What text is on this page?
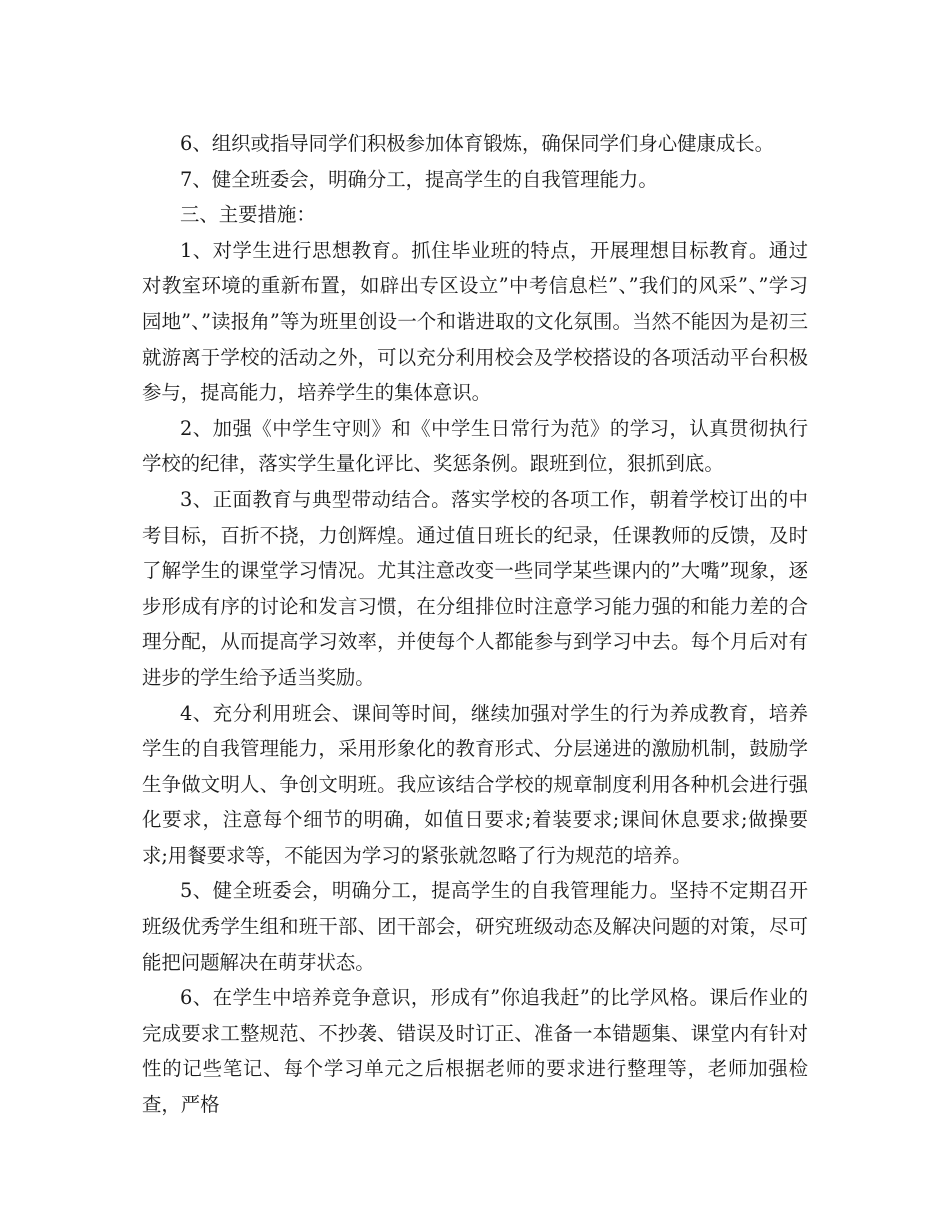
6、组织或指导同学们积极参加体育锻炼，确保同学们身心健康成长。

7、健全班委会，明确分工，提高学生的自我管理能力。

三、主要措施：

1、对学生进行思想教育。抓住毕业班的特点，开展理想目标教育。通过对教室环境的重新布置，如辟出专区设立”中考信息栏”、”我们的风采”、”学习园地”、”读报角”等为班里创设一个和谐进取的文化氛围。当然不能因为是初三就游离于学校的活动之外，可以充分利用校会及学校搭设的各项活动平台积极参与，提高能力，培养学生的集体意识。

2、加强《中学生守则》和《中学生日常行为范》的学习，认真贯彻执行学校的纪律，落实学生量化评比、奖惩条例。跟班到位，狠抓到底。

3、正面教育与典型带动结合。落实学校的各项工作，朝着学校订出的中考目标，百折不挠，力创辉煌。通过值日班长的纪录，任课教师的反馈，及时了解学生的课堂学习情况。尤其注意改变一些同学某些课内的”大嘴”现象，逐步形成有序的讨论和发言习惯，在分组排位时注意学习能力强的和能力差的合理分配，从而提高学习效率，并使每个人都能参与到学习中去。每个月后对有进步的学生给予适当奖励。

4、充分利用班会、课间等时间，继续加强对学生的行为养成教育，培养学生的自我管理能力，采用形象化的教育形式、分层递进的激励机制，鼓励学生争做文明人、争创文明班。我应该结合学校的规章制度利用各种机会进行强化要求，注意每个细节的明确，如值日要求;着装要求;课间休息要求;做操要求;用餐要求等，不能因为学习的紧张就忽略了行为规范的培养。

5、健全班委会，明确分工，提高学生的自我管理能力。坚持不定期召开班级优秀学生组和班干部、团干部会，研究班级动态及解决问题的对策，尽可能把问题解决在萌芽状态。

6、在学生中培养竞争意识，形成有”你追我赶”的比学风格。课后作业的完成要求工整规范、不抄袭、错误及时订正、准备一本错题集、课堂内有针对性的记些笔记、每个学习单元之后根据老师的要求进行整理等，老师加强检查，严格
